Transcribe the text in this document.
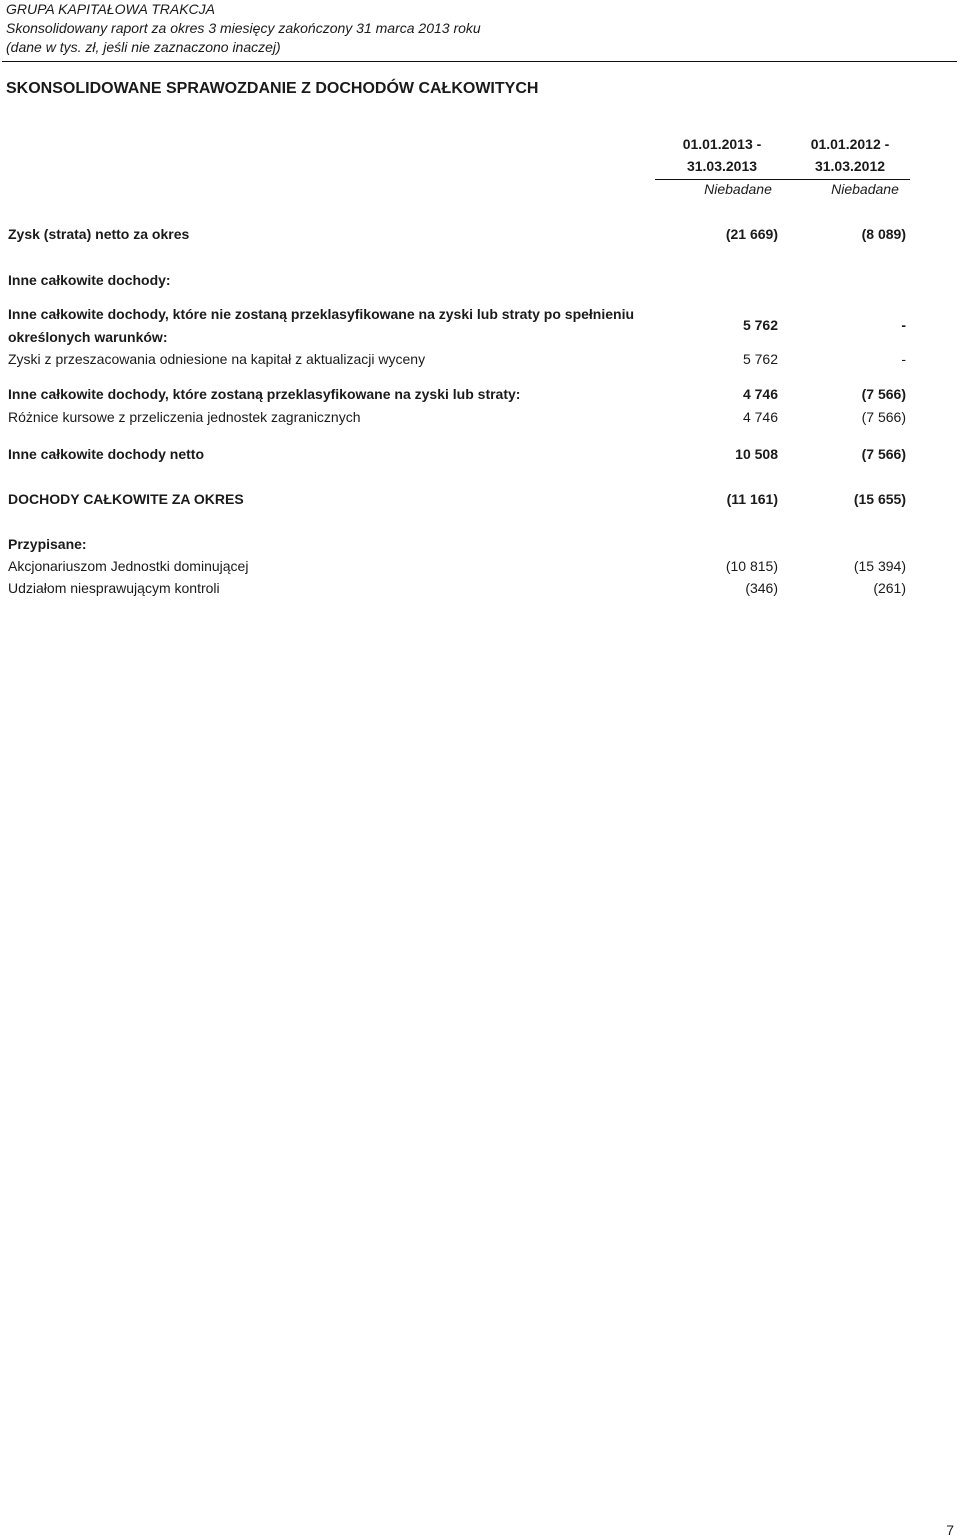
GRUPA KAPITAŁOWA TRAKCJA
Skonsolidowany raport za okres 3 miesięcy zakończony 31 marca 2013 roku
(dane w tys. zł, jeśli nie zaznaczono inaczej)
SKONSOLIDOWANE SPRAWOZDANIE Z DOCHODÓW CAŁKOWITYCH
01.01.2013 -
31.03.2013
01.01.2012 -
31.03.2012
Niebadane	Niebadane
Zysk (strata) netto za okres	(21 669)	(8 089)
Inne całkowite dochody:
Inne całkowite dochody, które nie zostaną przeklasyfikowane na zyski lub straty po spełnieniu
określonych warunków:
5 762	-
Zyski z przeszacowania odniesione na kapitał z aktualizacji wyceny	5 762	-
Inne całkowite dochody, które zostaną przeklasyfikowane na zyski lub straty:	4 746	(7 566)
Różnice kursowe z przeliczenia jednostek zagranicznych	4 746	(7 566)
Inne całkowite dochody netto	10 508	(7 566)
DOCHODY CAŁKOWITE ZA OKRES	(11 161)	(15 655)
Przypisane:
Akcjonariuszom Jednostki dominującej	(10 815)	(15 394)
Udziałom niesprawującym kontroli	(346)	(261)
7
